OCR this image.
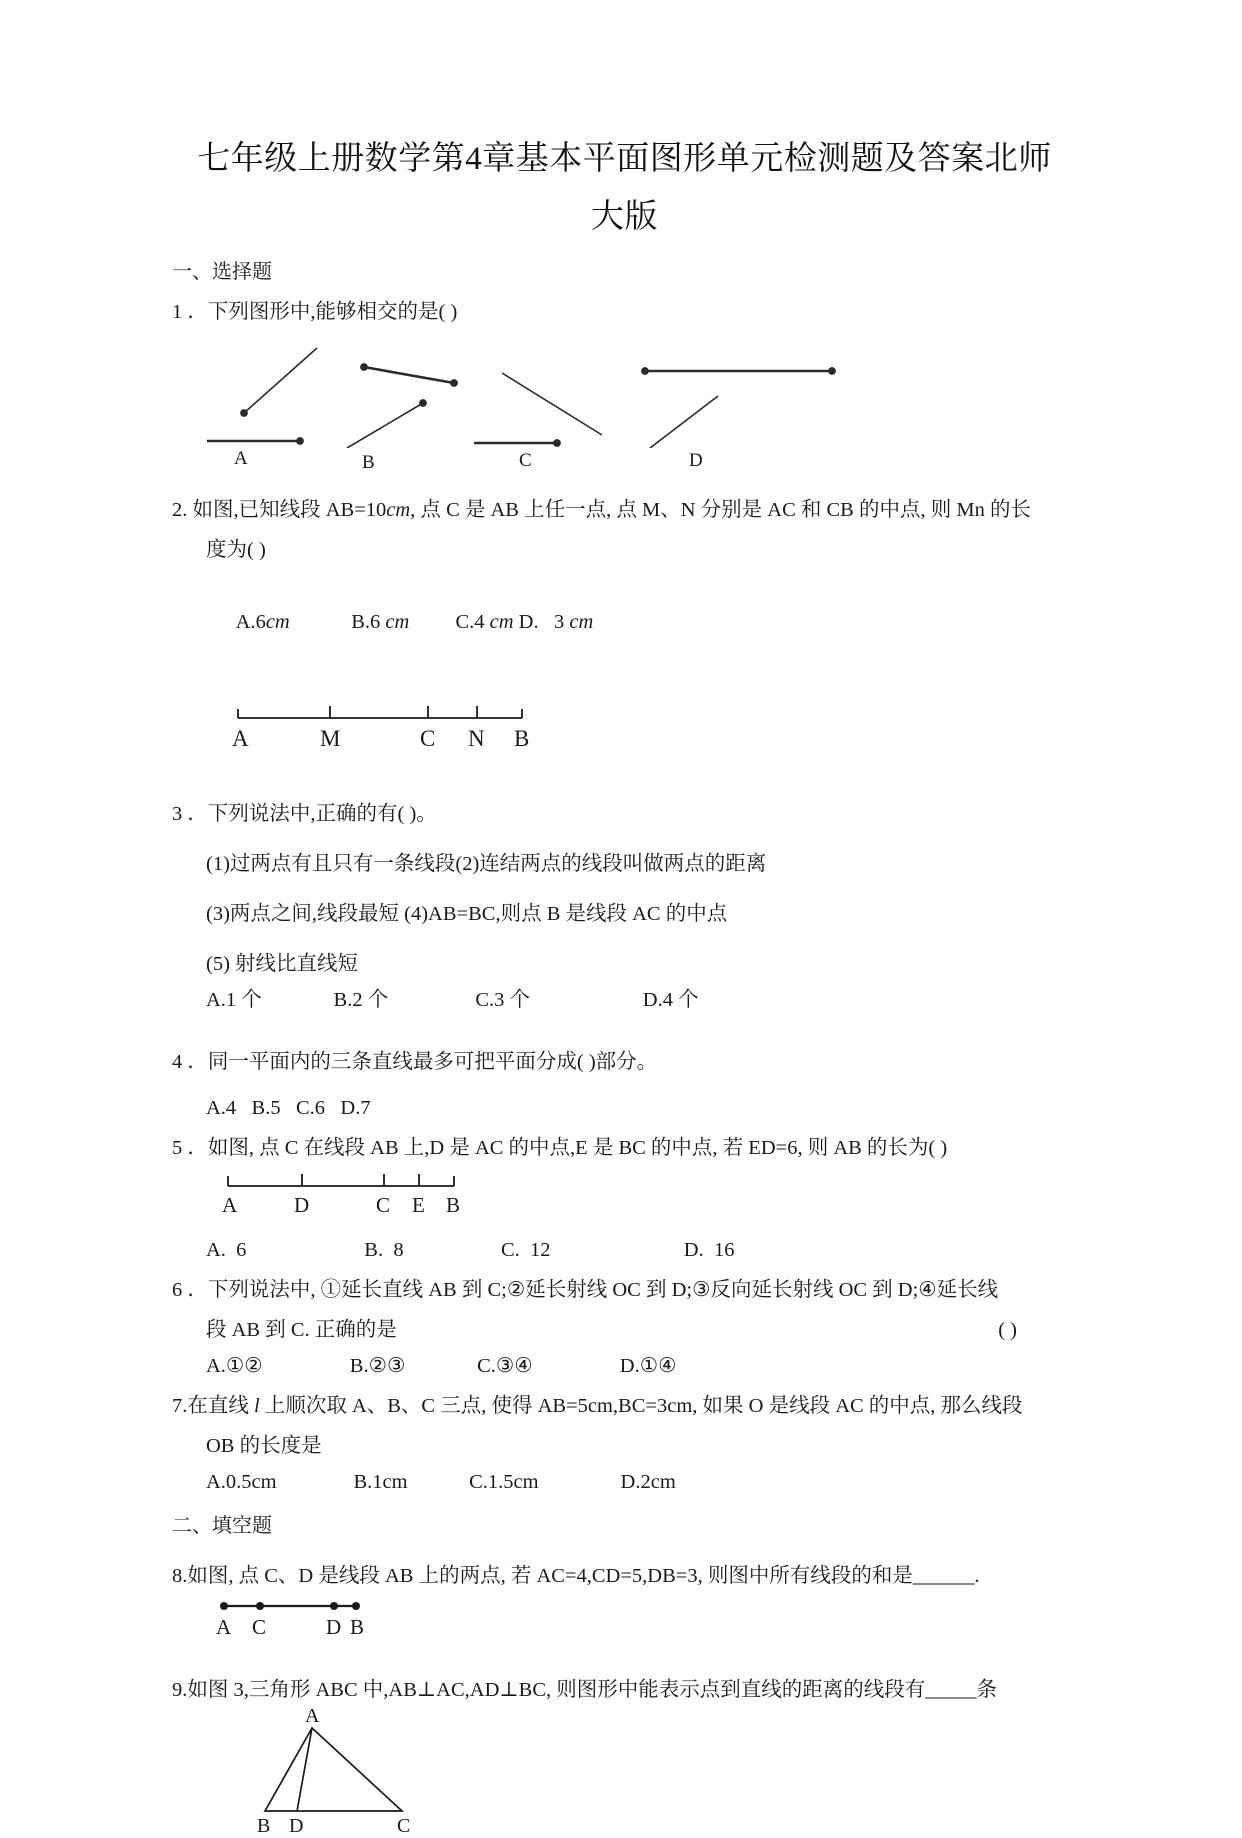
七年级上册数学第4章基本平面图形单元检测题及答案北师大版
一、选择题
1 ．下列图形中,能够相交的是( )
A	B	C	D
2. 如图,已知线段 AB=10cm, 点 C 是 AB 上任一点, 点 M、N 分别是 AC 和 CB 的中点, 则 Mn 的长
度为( )

A.6cm	B.6 cm C.4 cm D. 3 cm

A	M	C N B
3 ．下列说法中,正确的有( )。
(1)过两点有且只有一条线段(2)连结两点的线段叫做两点的距离
(3)两点之间,线段最短 (4)AB=BC,则点 B 是线段 AC 的中点
(5) 射线比直线短
A.1 个              B.2 个                 C.3 个                      D.4 个
4 ．同一平面内的三条直线最多可把平面分成( )部分。
A.4   B.5   C.6   D.7
5 ．如图, 点 C 在线段 AB 上,D 是 AC 的中点,E 是 BC 的中点, 若 ED=6, 则 AB 的长为( )
A	D	C E B
A.  6                       B.  8                   C.  12                          D.  16
6 ．下列说法中, ①延长直线 AB 到 C;②延长射线 OC 到 D;③反向延长射线 OC 到 D;④延长线
段 AB 到 C. 正确的是	( )
A.①②                 B.②③              C.③④                 D.①④
7.在直线 l 上顺次取 A、B、C 三点, 使得 AB=5cm,BC=3cm, 如果 O 是线段 AC 的中点, 那么线段
OB 的长度是
A.0.5cm               B.1cm            C.1.5cm                D.2cm
二、填空题
8.如图, 点 C、D 是线段 AB 上的两点, 若 AC=4,CD=5,DB=3, 则图中所有线段的和是______.
A C	D B
9.如图 3,三角形 ABC 中,AB⊥AC,AD⊥BC, 则图形中能表示点到直线的距离的线段有_____条
A
B D	C
